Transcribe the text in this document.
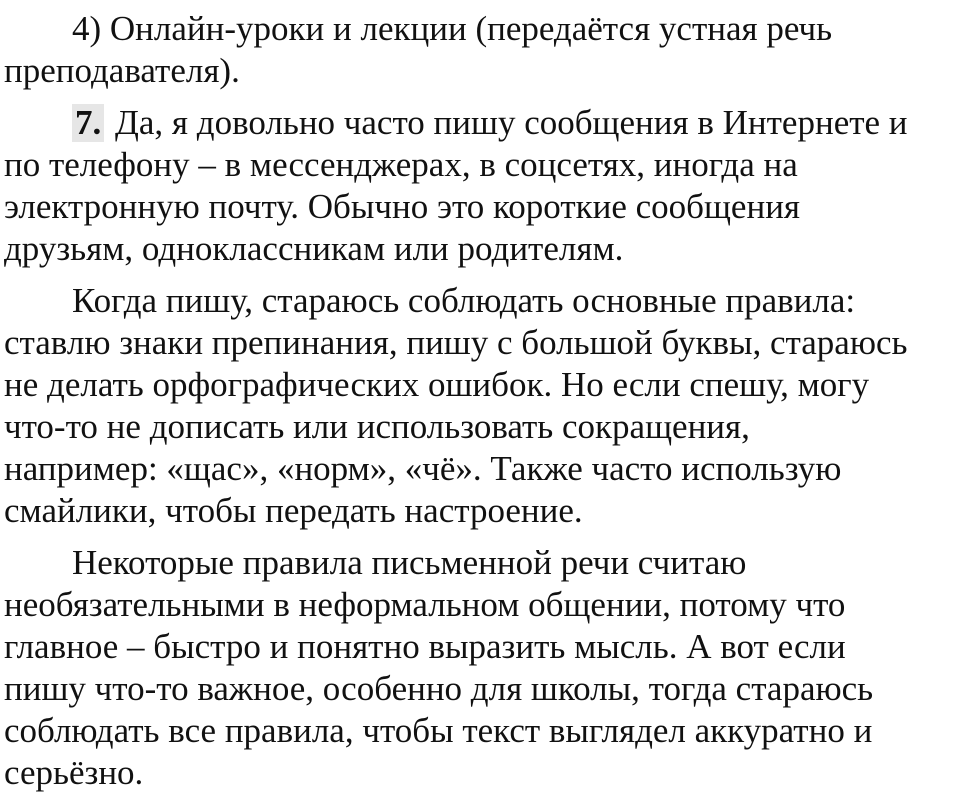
4) Онлайн-уроки и лекции (передаётся устная речь
преподавателя).

7. Да, я довольно часто пишу сообщения в Интернете и
по телефону – в мессенджерах, в соцсетях, иногда на
электронную почту. Обычно это короткие сообщения
друзьям, одноклассникам или родителям.

Когда пишу, стараюсь соблюдать основные правила:
ставлю знаки препинания, пишу с большой буквы, стараюсь
не делать орфографических ошибок. Но если спешу, могу
что-то не дописать или использовать сокращения,
например: «щас», «норм», «чё». Также часто использую
смайлики, чтобы передать настроение.

Некоторые правила письменной речи считаю
необязательными в неформальном общении, потому что
главное – быстро и понятно выразить мысль. А вот если
пишу что-то важное, особенно для школы, тогда стараюсь
соблюдать все правила, чтобы текст выглядел аккуратно и
серьёзно.
